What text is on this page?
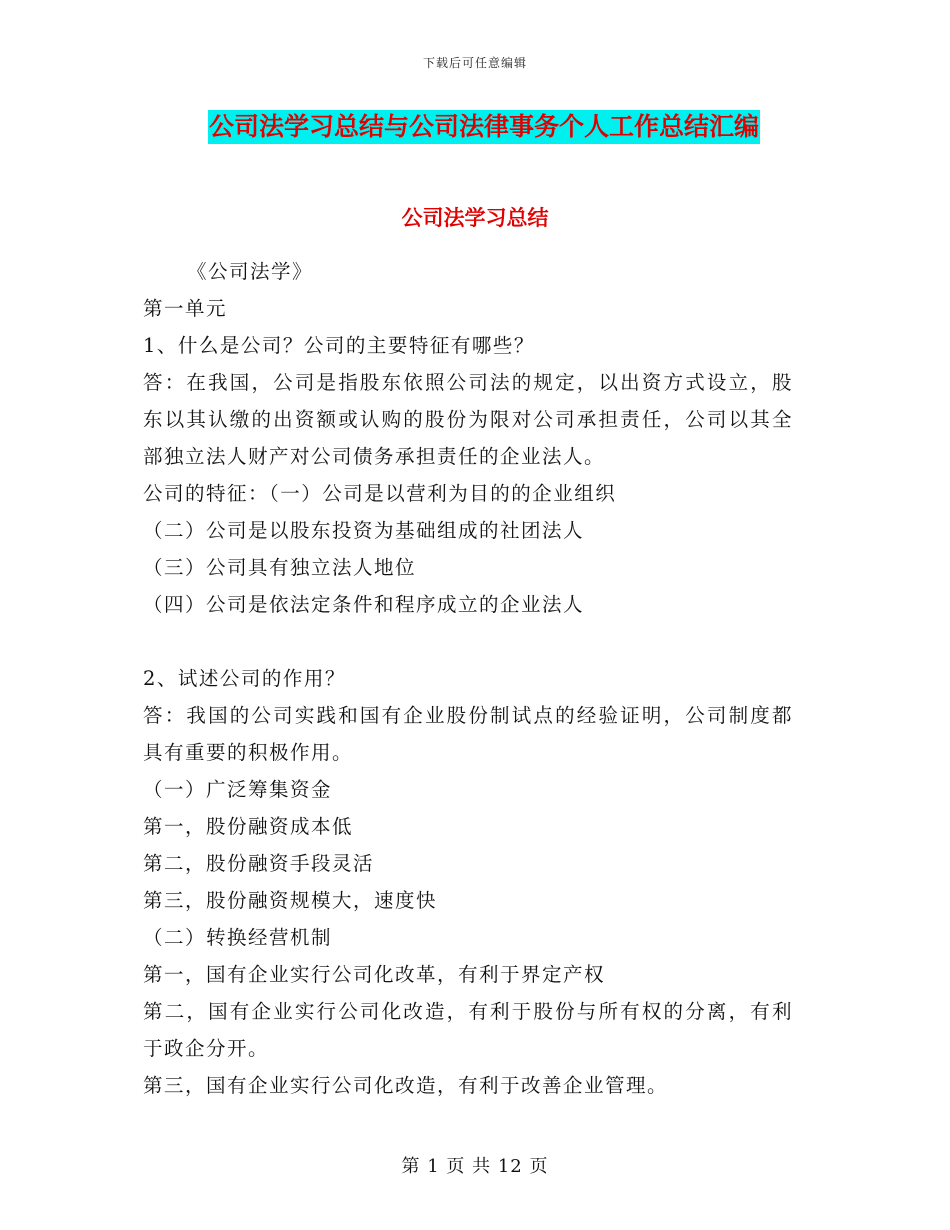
下载后可任意编辑
公司法学习总结与公司法律事务个人工作总结汇编
公司法学习总结

《公司法学》

第一单元

1、什么是公司？公司的主要特征有哪些？

答：在我国，公司是指股东依照公司法的规定，以出资方式设立，股东以其认缴的出资额或认购的股份为限对公司承担责任，公司以其全部独立法人财产对公司债务承担责任的企业法人。

公司的特征：（一）公司是以营利为目的的企业组织

（二）公司是以股东投资为基础组成的社团法人

（三）公司具有独立法人地位

（四）公司是依法定条件和程序成立的企业法人

2、试述公司的作用？

答：我国的公司实践和国有企业股份制试点的经验证明，公司制度都具有重要的积极作用。

（一）广泛筹集资金

第一，股份融资成本低

第二，股份融资手段灵活

第三，股份融资规模大，速度快

（二）转换经营机制

第一，国有企业实行公司化改革，有利于界定产权

第二，国有企业实行公司化改造，有利于股份与所有权的分离，有利于政企分开。

第三，国有企业实行公司化改造，有利于改善企业管理。

第 1 页 共 12 页
